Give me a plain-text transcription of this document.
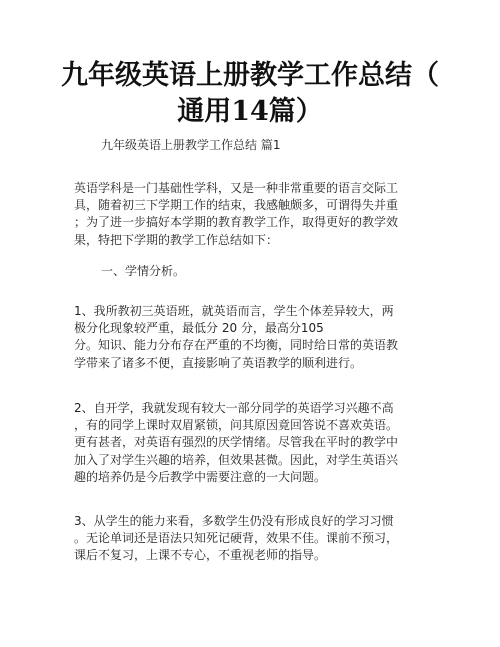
九年级英语上册教学工作总结（
通用14篇）

九年级英语上册教学工作总结 篇1

英语学科是一门基础性学科，又是一种非常重要的语言交际工
具，随着初三下学期工作的结束，我感触颇多，可谓得失并重
；为了进一步搞好本学期的教育教学工作，取得更好的教学效
果，特把下学期的教学工作总结如下：

一、学情分析。

1、我所教初三英语班，就英语而言，学生个体差异较大，两
极分化现象较严重，最低分 20 分，最高分105
分。知识、能力分布存在严重的不均衡，同时给日常的英语教
学带来了诸多不便，直接影响了英语教学的顺利进行。

2、自开学，我就发现有较大一部分同学的英语学习兴趣不高
，有的同学上课时双眉紧锁，问其原因竟回答说不喜欢英语。
更有甚者，对英语有强烈的厌学情绪。尽管我在平时的教学中
加入了对学生兴趣的培养，但效果甚微。因此，对学生英语兴
趣的培养仍是今后教学中需要注意的一大问题。

3、从学生的能力来看，多数学生仍没有形成良好的学习习惯
。无论单词还是语法只知死记硬背，效果不佳。课前不预习，
课后不复习，上课不专心，不重视老师的指导。
